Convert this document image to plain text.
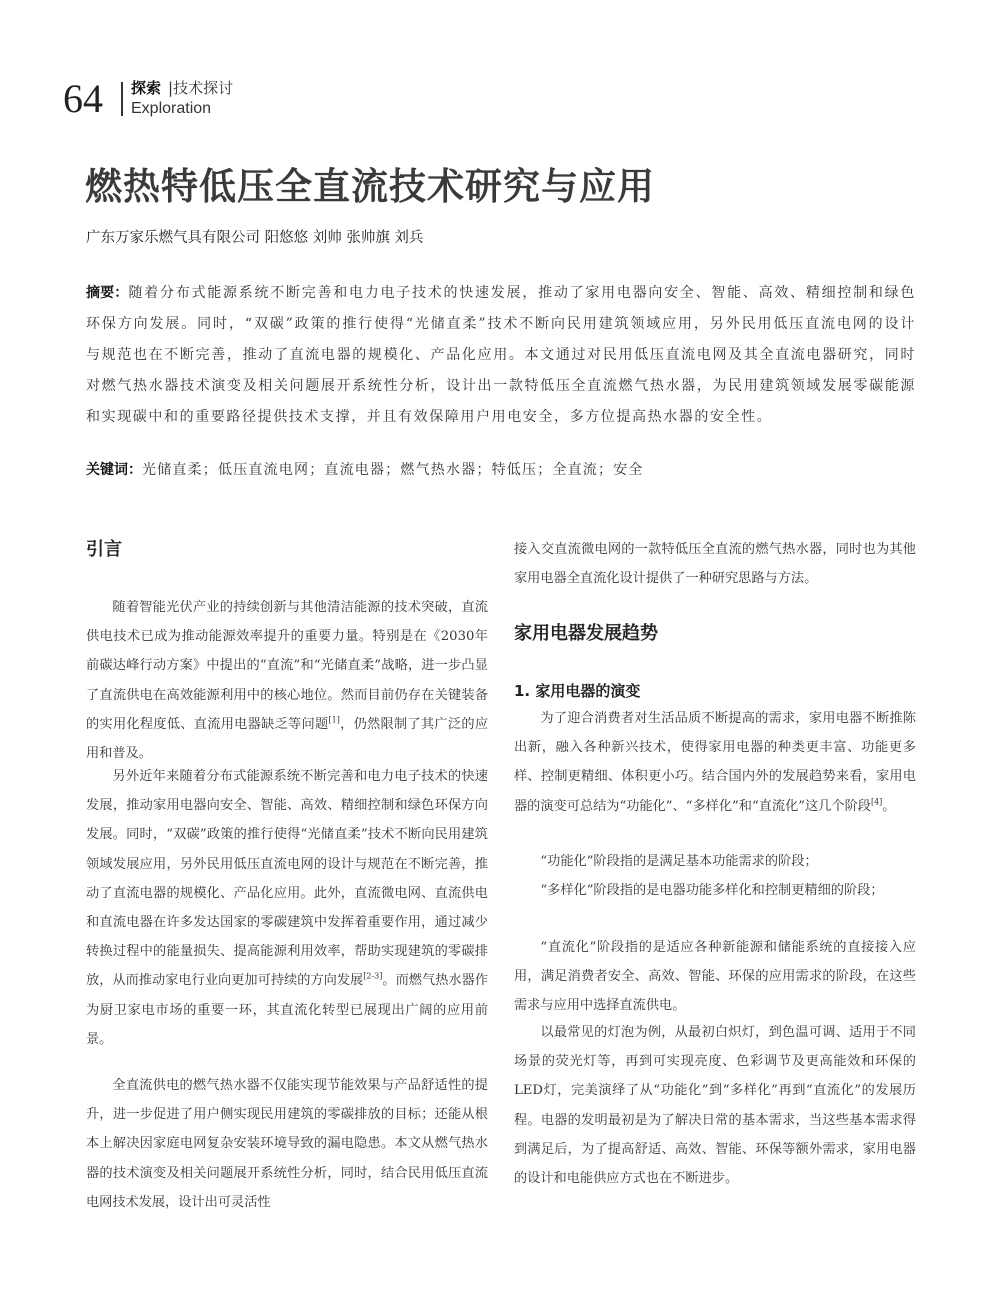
64 探索 |技术探讨
Exploration
燃热特低压全直流技术研究与应用
广东万家乐燃气具有限公司 阳悠悠 刘帅 张帅旗 刘兵

摘要：随着分布式能源系统不断完善和电力电子技术的快速发展，推动了家用电器向安全、智能、高效、精细控制和绿色环保方向发展。同时，“双碳”政策的推行使得“光储直柔”技术不断向民用建筑领域应用，另外民用低压直流电网的设计与规范也在不断完善，推动了直流电器的规模化、产品化应用。本文通过对民用低压直流电网及其全直流电器研究，同时对燃气热水器技术演变及相关问题展开系统性分析，设计出一款特低压全直流燃气热水器，为民用建筑领域发展零碳能源和实现碳中和的重要路径提供技术支撑，并且有效保障用户用电安全，多方位提高热水器的安全性。

关键词：光储直柔；低压直流电网；直流电器；燃气热水器；特低压；全直流；安全

引言

随着智能光伏产业的持续创新与其他清洁能源的技术突破，直流供电技术已成为推动能源效率提升的重要力量。特别是在《2030年前碳达峰行动方案》中提出的“直流”和“光储直柔”战略，进一步凸显了直流供电在高效能源利用中的核心地位。然而目前仍存在关键装备的实用化程度低、直流用电器缺乏等问题[1]，仍然限制了其广泛的应用和普及。

另外近年来随着分布式能源系统不断完善和电力电子技术的快速发展，推动家用电器向安全、智能、高效、精细控制和绿色环保方向发展。同时，“双碳”政策的推行使得“光储直柔”技术不断向民用建筑领域发展应用，另外民用低压直流电网的设计与规范在不断完善，推动了直流电器的规模化、产品化应用。此外，直流微电网、直流供电和直流电器在许多发达国家的零碳建筑中发挥着重要作用，通过减少转换过程中的能量损失、提高能源利用效率，帮助实现建筑的零碳排放，从而推动家电行业向更加可持续的方向发展[2-3]。而燃气热水器作为厨卫家电市场的重要一环，其直流化转型已展现出广阔的应用前景。

全直流供电的燃气热水器不仅能实现节能效果与产品舒适性的提升，进一步促进了用户侧实现民用建筑的零碳排放的目标；还能从根本上解决因家庭电网复杂安装环境导致的漏电隐患。本文从燃气热水器的技术演变及相关问题展开系统性分析，同时，结合民用低压直流电网技术发展，设计出可灵活性

接入交直流微电网的一款特低压全直流的燃气热水器，同时也为其他家用电器全直流化设计提供了一种研究思路与方法。

家用电器发展趋势
1. 家用电器的演变

为了迎合消费者对生活品质不断提高的需求，家用电器不断推陈出新，融入各种新兴技术，使得家用电器的种类更丰富、功能更多样、控制更精细、体积更小巧。结合国内外的发展趋势来看，家用电器的演变可总结为“功能化”、“多样化”和“直流化”这几个阶段[4]。

“功能化”阶段指的是满足基本功能需求的阶段；

“多样化”阶段指的是电器功能多样化和控制更精细的阶段；

“直流化”阶段指的是适应各种新能源和储能系统的直接接入应用，满足消费者安全、高效、智能、环保的应用需求的阶段，在这些需求与应用中选择直流供电。

以最常见的灯泡为例，从最初白炽灯，到色温可调、适用于不同场景的荧光灯等，再到可实现亮度、色彩调节及更高能效和环保的LED灯，完美演绎了从“功能化”到“多样化”再到“直流化”的发展历程。电器的发明最初是为了解决日常的基本需求，当这些基本需求得到满足后，为了提高舒适、高效、智能、环保等额外需求，家用电器的设计和电能供应方式也在不断进步。
